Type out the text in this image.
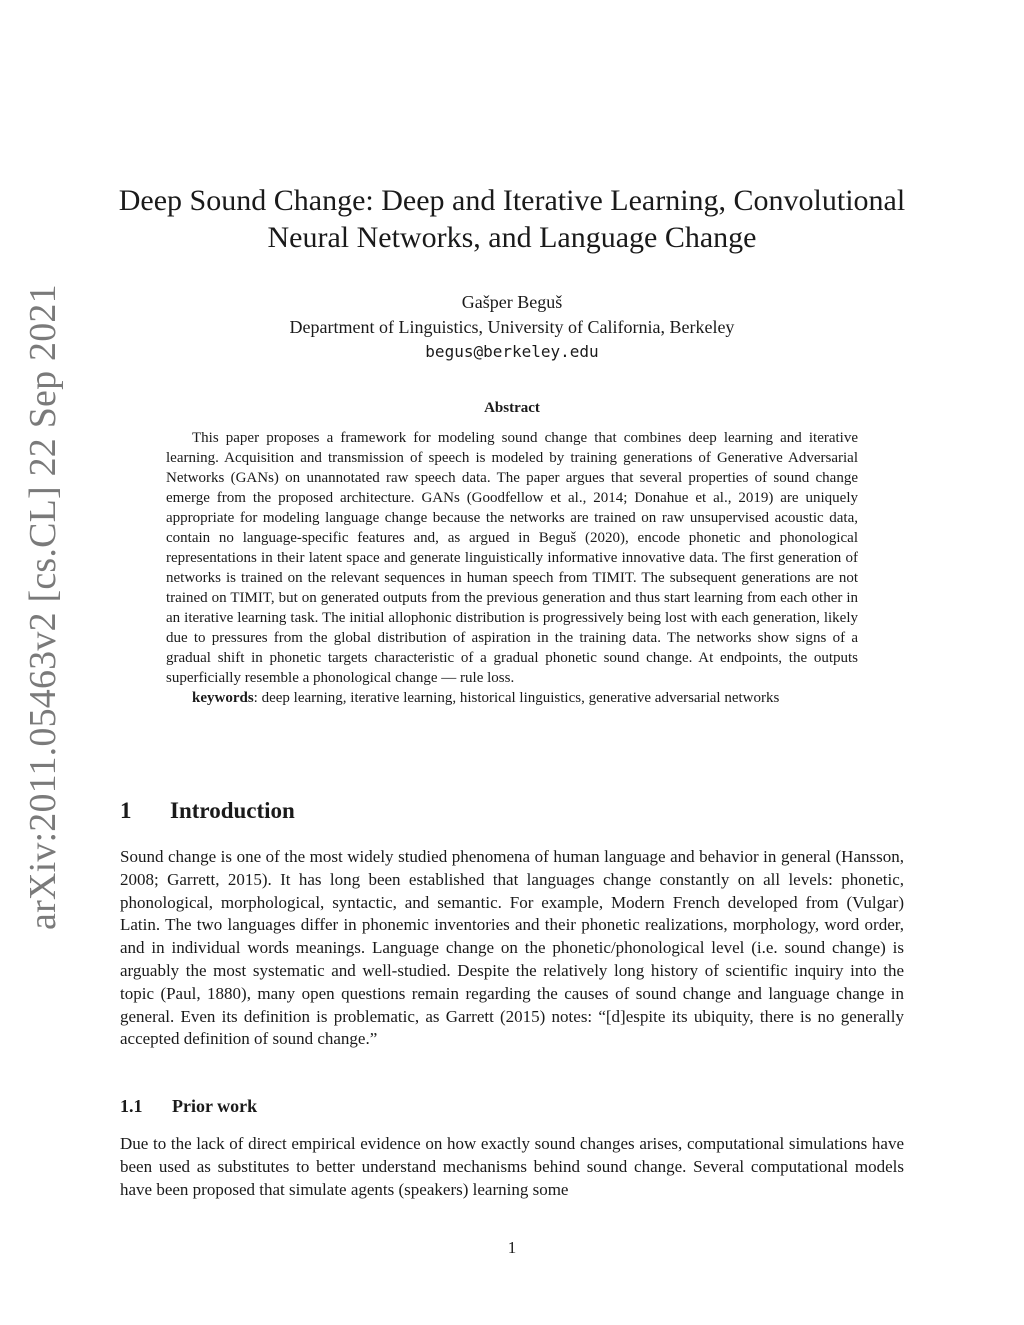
arXiv:2011.05463v2 [cs.CL] 22 Sep 2021
Deep Sound Change: Deep and Iterative Learning, Convolutional Neural Networks, and Language Change
Gašper Beguš
Department of Linguistics, University of California, Berkeley
begus@berkeley.edu
Abstract

This paper proposes a framework for modeling sound change that combines deep learning and iterative learning. Acquisition and transmission of speech is modeled by training generations of Generative Adversarial Networks (GANs) on unannotated raw speech data. The paper argues that several properties of sound change emerge from the proposed architecture. GANs (Goodfellow et al., 2014; Donahue et al., 2019) are uniquely appropriate for modeling language change because the networks are trained on raw unsupervised acoustic data, contain no language-specific features and, as argued in Beguš (2020), encode phonetic and phonological representations in their latent space and generate linguistically informative innovative data. The first generation of networks is trained on the relevant sequences in human speech from TIMIT. The subsequent generations are not trained on TIMIT, but on generated outputs from the previous generation and thus start learning from each other in an iterative learning task. The initial allophonic distribution is progressively being lost with each generation, likely due to pressures from the global distribution of aspiration in the training data. The networks show signs of a gradual shift in phonetic targets characteristic of a gradual phonetic sound change. At endpoints, the outputs superficially resemble a phonological change — rule loss.

keywords: deep learning, iterative learning, historical linguistics, generative adversarial networks

1 Introduction
Sound change is one of the most widely studied phenomena of human language and behavior in general (Hansson, 2008; Garrett, 2015). It has long been established that languages change constantly on all levels: phonetic, phonological, morphological, syntactic, and semantic. For example, Modern French developed from (Vulgar) Latin. The two languages differ in phonemic inventories and their phonetic realizations, morphology, word order, and in individual words meanings. Language change on the phonetic/phonological level (i.e. sound change) is arguably the most systematic and well-studied. Despite the relatively long history of scientific inquiry into the topic (Paul, 1880), many open questions remain regarding the causes of sound change and language change in general. Even its definition is problematic, as Garrett (2015) notes: “[d]espite its ubiquity, there is no generally accepted definition of sound change.”
1.1 Prior work
Due to the lack of direct empirical evidence on how exactly sound changes arises, computational simulations have been used as substitutes to better understand mechanisms behind sound change. Several computational models have been proposed that simulate agents (speakers) learning some
1
